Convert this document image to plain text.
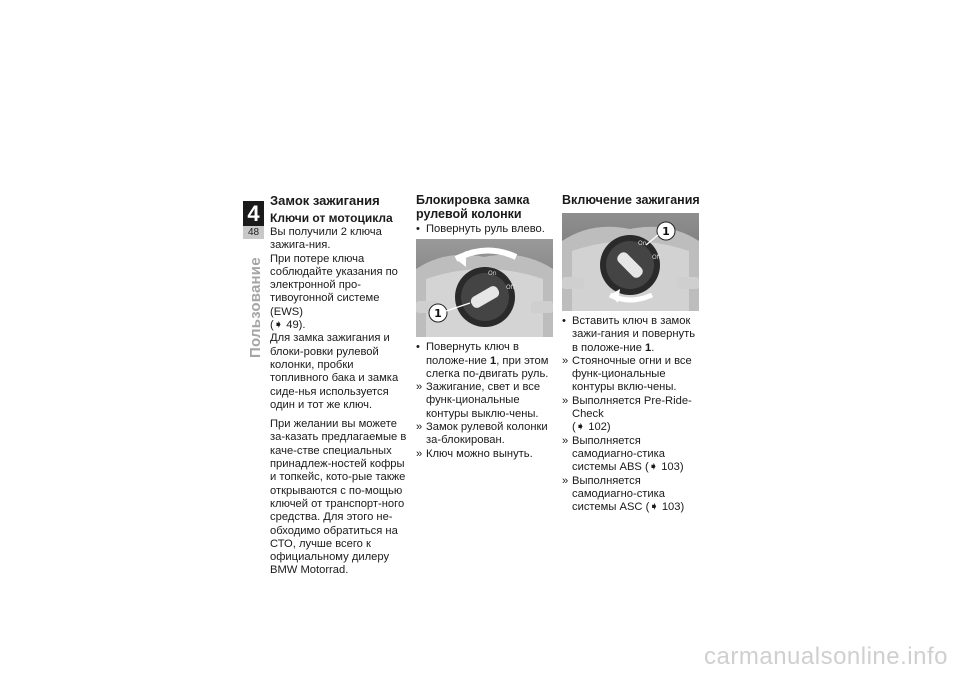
4
48
Пользование
Замок зажигания
Ключи от мотоцикла

Вы получили 2 ключа зажига-ния.

При потере ключа соблюдайте указания по электронной про-тивоугонной системе (EWS)
(➧ 49).

Для замка зажигания и блоки-ровки рулевой колонки, пробки топливного бака и замка сиде-нья используется один и тот же ключ.

При желании вы можете за-казать предлагаемые в каче-стве специальных принадлеж-ностей кофры и топкейс, кото-рые также открываются с по-мощью ключей от транспорт-ного средства. Для этого не-обходимо обратиться на СТО, лучше всего к официальному дилеру BMW Motorrad.

Блокировка замка
рулевой колонки
• Повернуть руль влево.
On
Off
1
• Повернуть ключ в положе-ние 1, при этом слегка по-двигать руль.
» Зажигание, свет и все функ-циональные контуры выклю-чены.
» Замок рулевой колонки за-блокирован.
» Ключ можно вынуть.
Включение зажигания
On
Off
1
• Вставить ключ в замок зажи-гания и повернуть в положе-ние 1.
» Стояночные огни и все функ-циональные контуры вклю-чены.
» Выполняется Pre-Ride-Check
(➧ 102)
» Выполняется самодиагно-стика системы ABS (➧ 103)
» Выполняется самодиагно-стика системы ASC (➧ 103)
carmanualsonline.info
